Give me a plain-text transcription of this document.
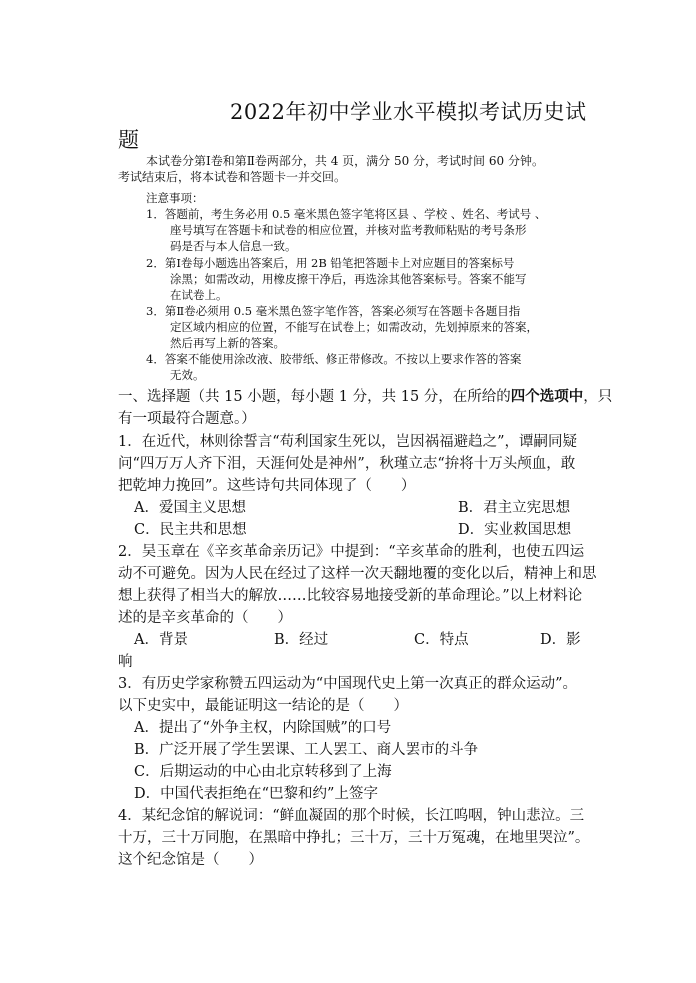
2022年初中学业水平模拟考试历史试
题
本试卷分第Ⅰ卷和第Ⅱ卷两部分，共 4 页，满分 50 分，考试时间 60 分钟。
考试结束后，将本试卷和答题卡一并交回。
注意事项：
1．答题前，考生务必用 0.5 毫米黑色签字笔将区县 、学校 、姓名、考试号 、
座号填写在答题卡和试卷的相应位置，并核对监考教师粘贴的考号条形
码是否与本人信息一致。
2．第Ⅰ卷每小题选出答案后，用 2B 铅笔把答题卡上对应题目的答案标号
涂黑；如需改动，用橡皮擦干净后，再选涂其他答案标号。答案不能写
在试卷上。
3．第Ⅱ卷必须用 0.5 毫米黑色签字笔作答，答案必须写在答题卡各题目指
定区域内相应的位置，不能写在试卷上；如需改动，先划掉原来的答案，
然后再写上新的答案。
4．答案不能使用涂改液、胶带纸、修正带修改。不按以上要求作答的答案
无效。
一、选择题（共 15 小题，每小题 1 分，共 15 分，在所给的四个选项中，只
有一项最符合题意。）
1．在近代，林则徐誓言“苟利国家生死以，岂因祸福避趋之”，谭嗣同疑
问“四万万人齐下泪，天涯何处是神州”，秋瑾立志“拚将十万头颅血，敢
把乾坤力挽回”。这些诗句共同体现了（　　）
A．爱国主义思想	B．君主立宪思想
C．民主共和思想	D．实业救国思想
2．吴玉章在《辛亥革命亲历记》中提到：“辛亥革命的胜利，也使五四运
动不可避免。因为人民在经过了这样一次天翻地覆的变化以后，精神上和思
想上获得了相当大的解放……比较容易地接受新的革命理论。”以上材料论
述的是辛亥革命的（　　）
A．背景	B．经过	C．特点	D．影
响
3．有历史学家称赞五四运动为“中国现代史上第一次真正的群众运动”。
以下史实中，最能证明这一结论的是（　　）
A．提出了“外争主权，内除国贼”的口号
B．广泛开展了学生罢课、工人罢工、商人罢市的斗争
C．后期运动的中心由北京转移到了上海
D．中国代表拒绝在“巴黎和约”上签字
4．某纪念馆的解说词：“鲜血凝固的那个时候，长江呜咽，钟山悲泣。三
十万，三十万同胞，在黑暗中挣扎；三十万，三十万冤魂，在地里哭泣”。
这个纪念馆是（　　）
